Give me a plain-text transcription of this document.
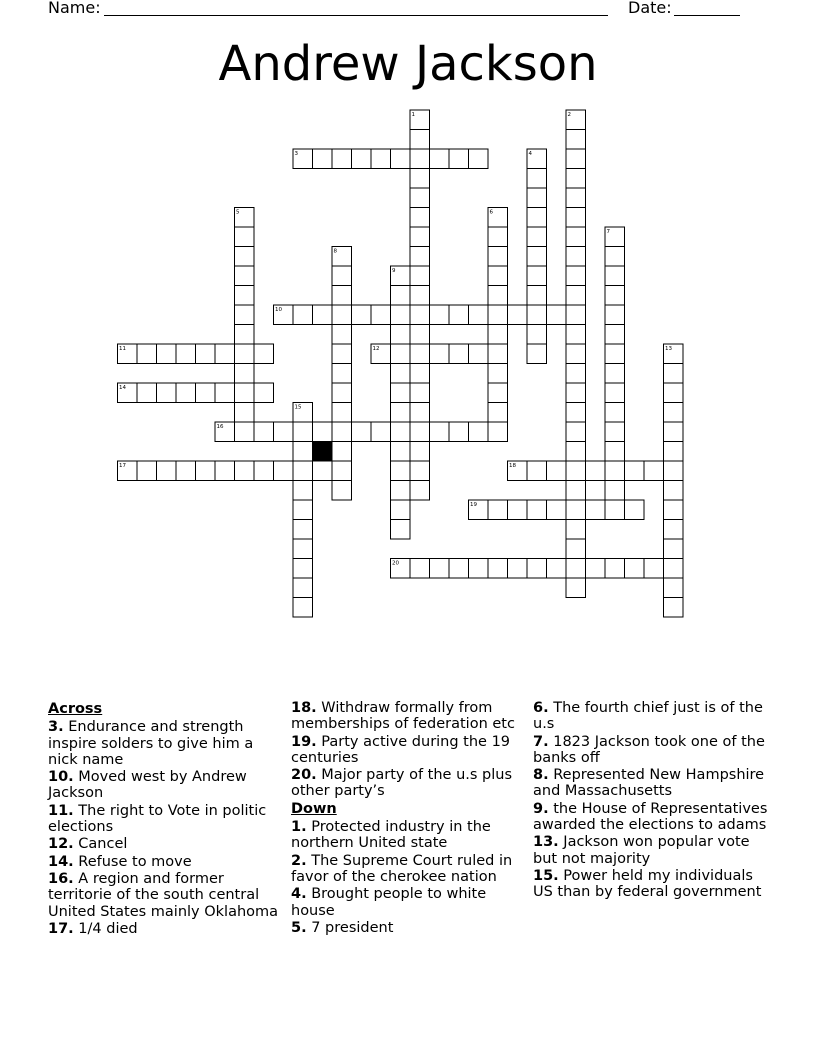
Name:	Date:
Andrew Jackson
1	2
3	4
5	6
7
8
9
10
11	12	13
14
15
16
17	18
19
20
Across
3. Endurance and strength inspire solders to give him a nick name
10. Moved west by Andrew Jackson
11. The right to Vote in politic elections
12. Cancel
14. Refuse to move
16. A region and former territorie of the south central United States mainly Oklahoma
17. 1/4 died
18. Withdraw formally from memberships of federation etc
19. Party active during the 19 centuries
20. Major party of the u.s plus other party’s
Down
1. Protected industry in the northern United state
2. The Supreme Court ruled in favor of the cherokee nation
4. Brought people to white house
5. 7 president
6. The fourth chief just is of the u.s
7. 1823 Jackson took one of the banks off
8. Represented New Hampshire and Massachusetts
9. the House of Representatives awarded the elections to adams
13. Jackson won popular vote but not majority
15. Power held my individuals US than by federal government
